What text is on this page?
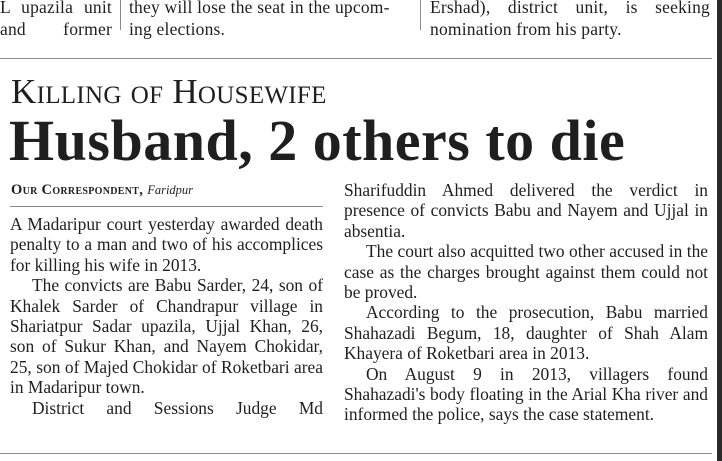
L upazila unit
and former
they will lose the seat in the upcom-
ing elections.
Ershad), district unit, is seeking
nomination from his party.
Killing of Housewife
Husband, 2 others to die
Our Correspondent, Faridpur

A Madaripur court yesterday awarded death penalty to a man and two of his accomplices for killing his wife in 2013.

The convicts are Babu Sarder, 24, son of Khalek Sarder of Chandrapur village in Shariatpur Sadar upazila, Ujjal Khan, 26, son of Sukur Khan, and Nayem Chokidar, 25, son of Majed Chokidar of Roketbari area in Madaripur town.

District and Sessions Judge Md

Sharifuddin Ahmed delivered the verdict in presence of convicts Babu and Nayem and Ujjal in absentia.

The court also acquitted two other accused in the case as the charges brought against them could not be proved.

According to the prosecution, Babu married Shahazadi Begum, 18, daughter of Shah Alam Khayera of Roketbari area in 2013.

On August 9 in 2013, villagers found Shahazadi's body floating in the Arial Kha river and informed the police, says the case statement.
